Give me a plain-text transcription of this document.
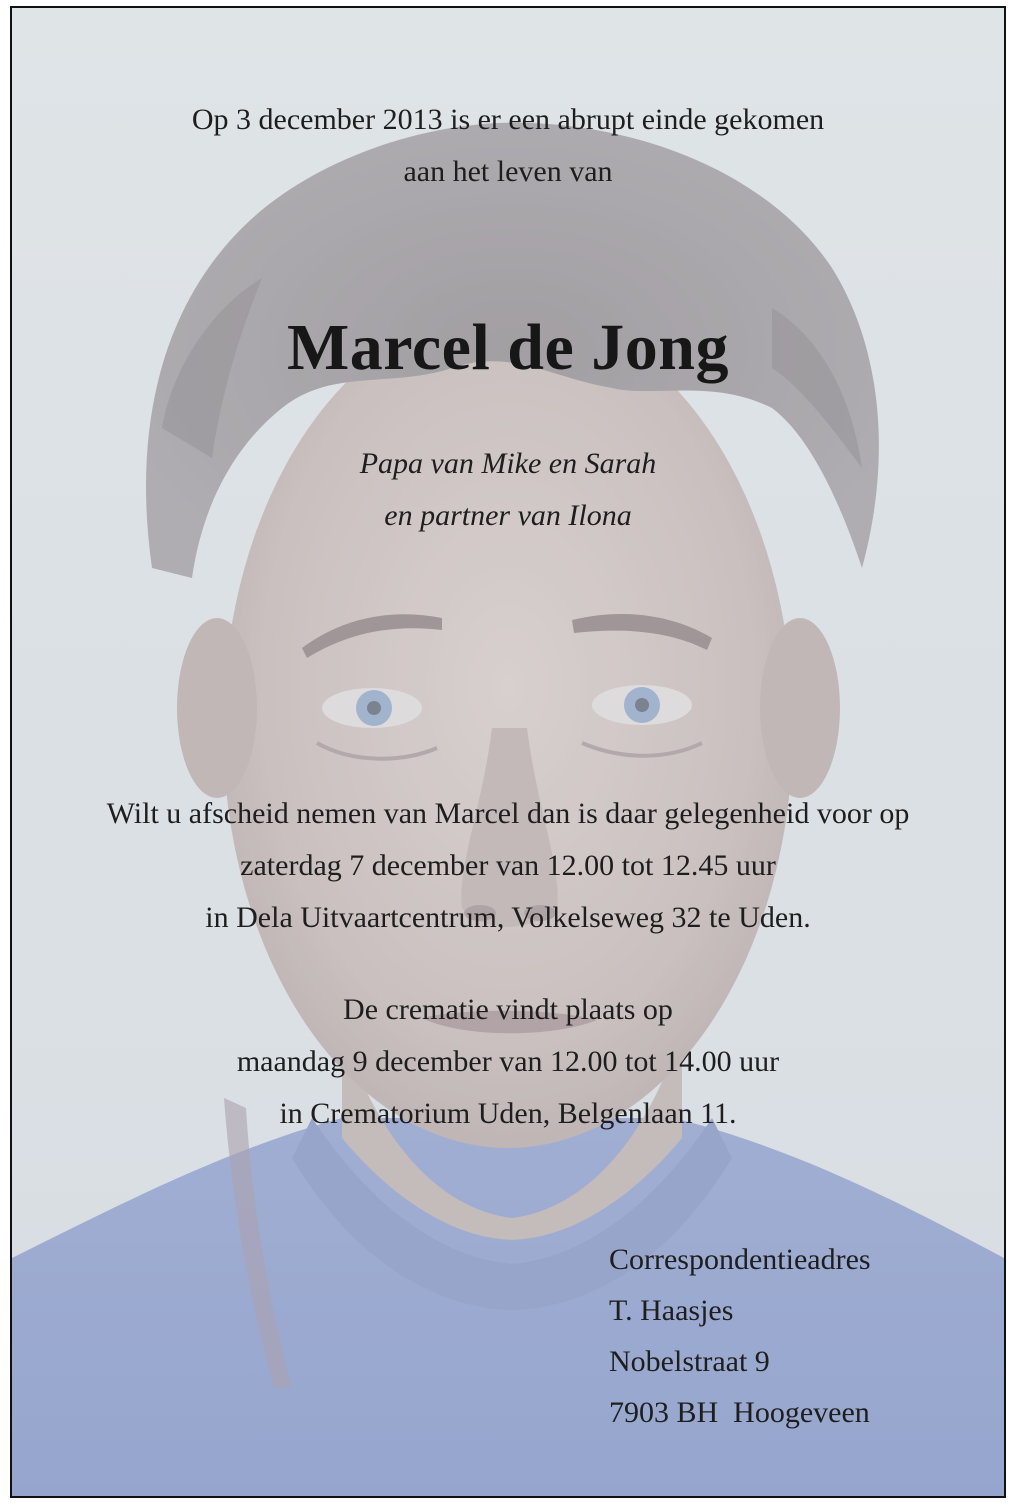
Op 3 december 2013 is er een abrupt einde gekomen
aan het leven van
Marcel de Jong
Papa van Mike en Sarah
en partner van Ilona
Wilt u afscheid nemen van Marcel dan is daar gelegenheid voor op
zaterdag 7 december van 12.00 tot 12.45 uur
in Dela Uitvaartcentrum, Volkelseweg 32 te Uden.
De crematie vindt plaats op
maandag 9 december van 12.00 tot 14.00 uur
in Crematorium Uden, Belgenlaan 11.
Correspondentieadres
T. Haasjes
Nobelstraat 9
7903 BH  Hoogeveen
